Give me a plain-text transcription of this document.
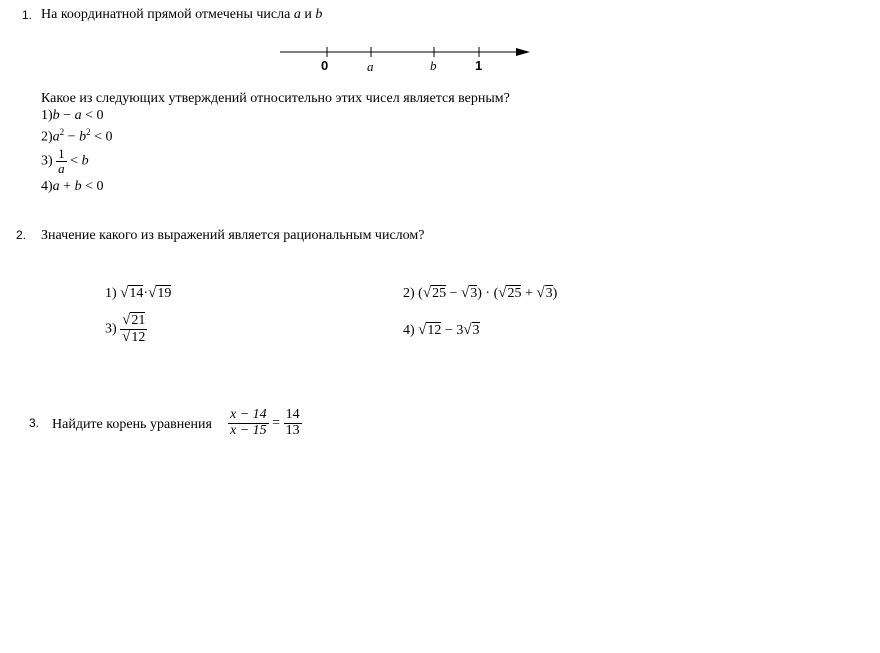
1. На координатной прямой отмечены числа a и b
0	a	b	1
Какое из следующих утверждений относительно этих чисел является верным?
1)b − a < 0
$2)a^2 - b^2 < 0$
$3) \frac{1}{a} < b$
4)a + b < 0
2. Значение какого из выражений является рациональным числом?
1) √14·√19	2) (√25 − √3) · (√25 + √3)
$3) \frac{√21}{√12}$	4) √12 − 3√3
3. Найдите корень уравнения $\frac{x - 14}{x - 15} = \frac{14}{13}$
